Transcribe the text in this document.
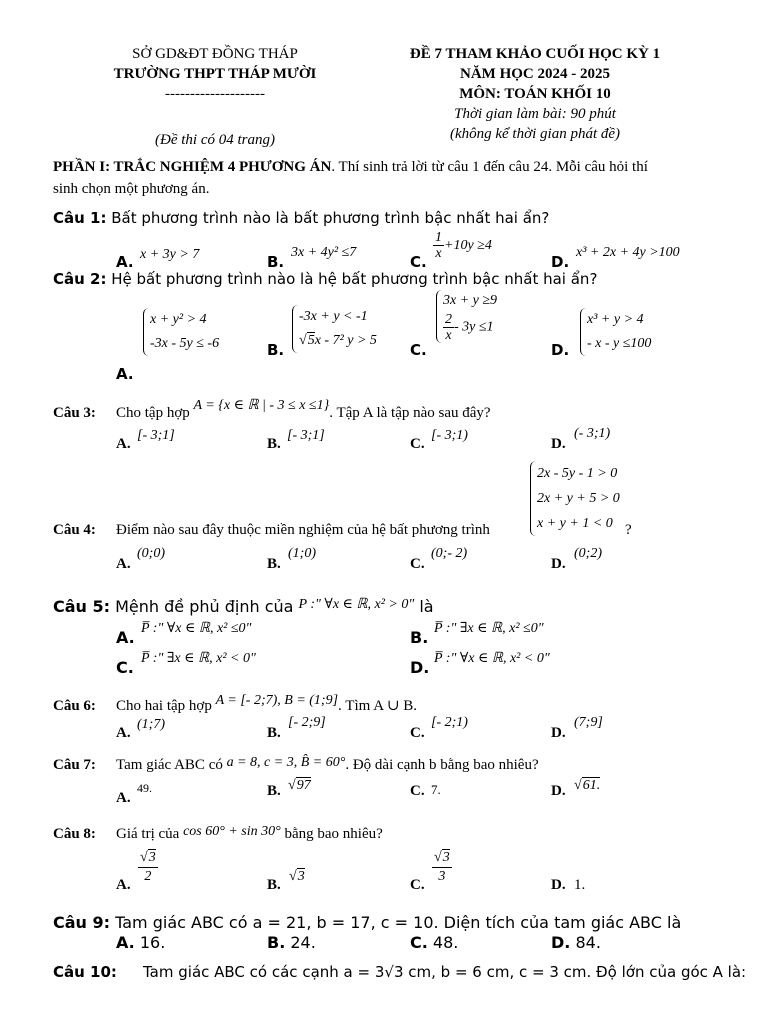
SỞ GD&ĐT ĐỒNG THÁP
TRƯỜNG THPT THÁP MƯỜI
--------------------
(Đề thi có 04 trang)
ĐỀ 7 THAM KHẢO CUỐI HỌC KỲ 1
NĂM HỌC 2024 - 2025
MÔN: TOÁN KHỐI 10
Thời gian làm bài: 90 phút
(không kể thời gian phát đề)
PHẦN I: TRẮC NGHIỆM 4 PHƯƠNG ÁN. Thí sinh trả lời từ câu 1 đến câu 24. Mỗi câu hỏi thí
sinh chọn một phương án.
Câu 1: Bất phương trình nào là bất phương trình bậc nhất hai ẩn?
A. x + 3y > 7	B.
3x + 4y² ≤7
C.
$\frac{1}{x} +10y \ge 4$
D.
x³ + 2x + 4y >100
Câu 2: Hệ bất phương trình nào là hệ bất phương trình bậc nhất hai ẩn?
x + y² > 4
-3x - 5y ≤ -6
A.
-3x + y < -1
√5x - 7² y > 5
B.
3x + y ≥9
$\frac{2}{x} - 3y \le 1$
C.
x³ + y > 4
- x - y ≤100
D.
Câu 3: Cho tập hợp A = {x ∈ ℝ | - 3 ≤ x ≤1}. Tập A là tập nào sau đây?
A.
[- 3;1]
B.
[- 3;1]
C.
[- 3;1)
D.
(- 3;1)
Câu 4: Điểm nào sau đây thuộc miền nghiệm của hệ bất phương trình
2x - 5y - 1 > 0
2x + y + 5 > 0
x + y + 1 < 0 ?
A.
(0;0)
B.
(1;0)
C.
(0;- 2)
D.
(0;2)
Câu 5: Mệnh đề phủ định của P :" ∀x ∈ ℝ, x² > 0" là
A. P̅ :" ∀x ∈ ℝ, x² ≤0"	B. P̅ :" ∃x ∈ ℝ, x² ≤0"
C. P̅ :" ∃x ∈ ℝ, x² < 0"	D. P̅ :" ∀x ∈ ℝ, x² < 0"
Câu 6: Cho hai tập hợp A = [- 2;7), B = (1;9]. Tìm A ∪ B.
A.
(1;7)
B.
[- 2;9]
C.
[- 2;1)
D.
(7;9]
Câu 7: Tam giác ABC có a = 8, c = 3, B̂ = 60°. Độ dài cạnh b bằng bao nhiêu?
A.
49.	B. √97	C. 7.	D. √61.
Câu 8: Giá trị của cos 60° + sin 30° bằng bao nhiêu?
A. $\frac{√3}{2}$	B.
√3
C. $\frac{√3}{3}$	D. 1.
Câu 9: Tam giác ABC có a = 21, b = 17, c = 10. Diện tích của tam giác ABC là
A. 16.	B. 24.	C. 48.	D. 84.
Câu 10: Tam giác ABC có các cạnh a = 3√3 cm, b = 6 cm, c = 3 cm. Độ lớn của góc A là:
